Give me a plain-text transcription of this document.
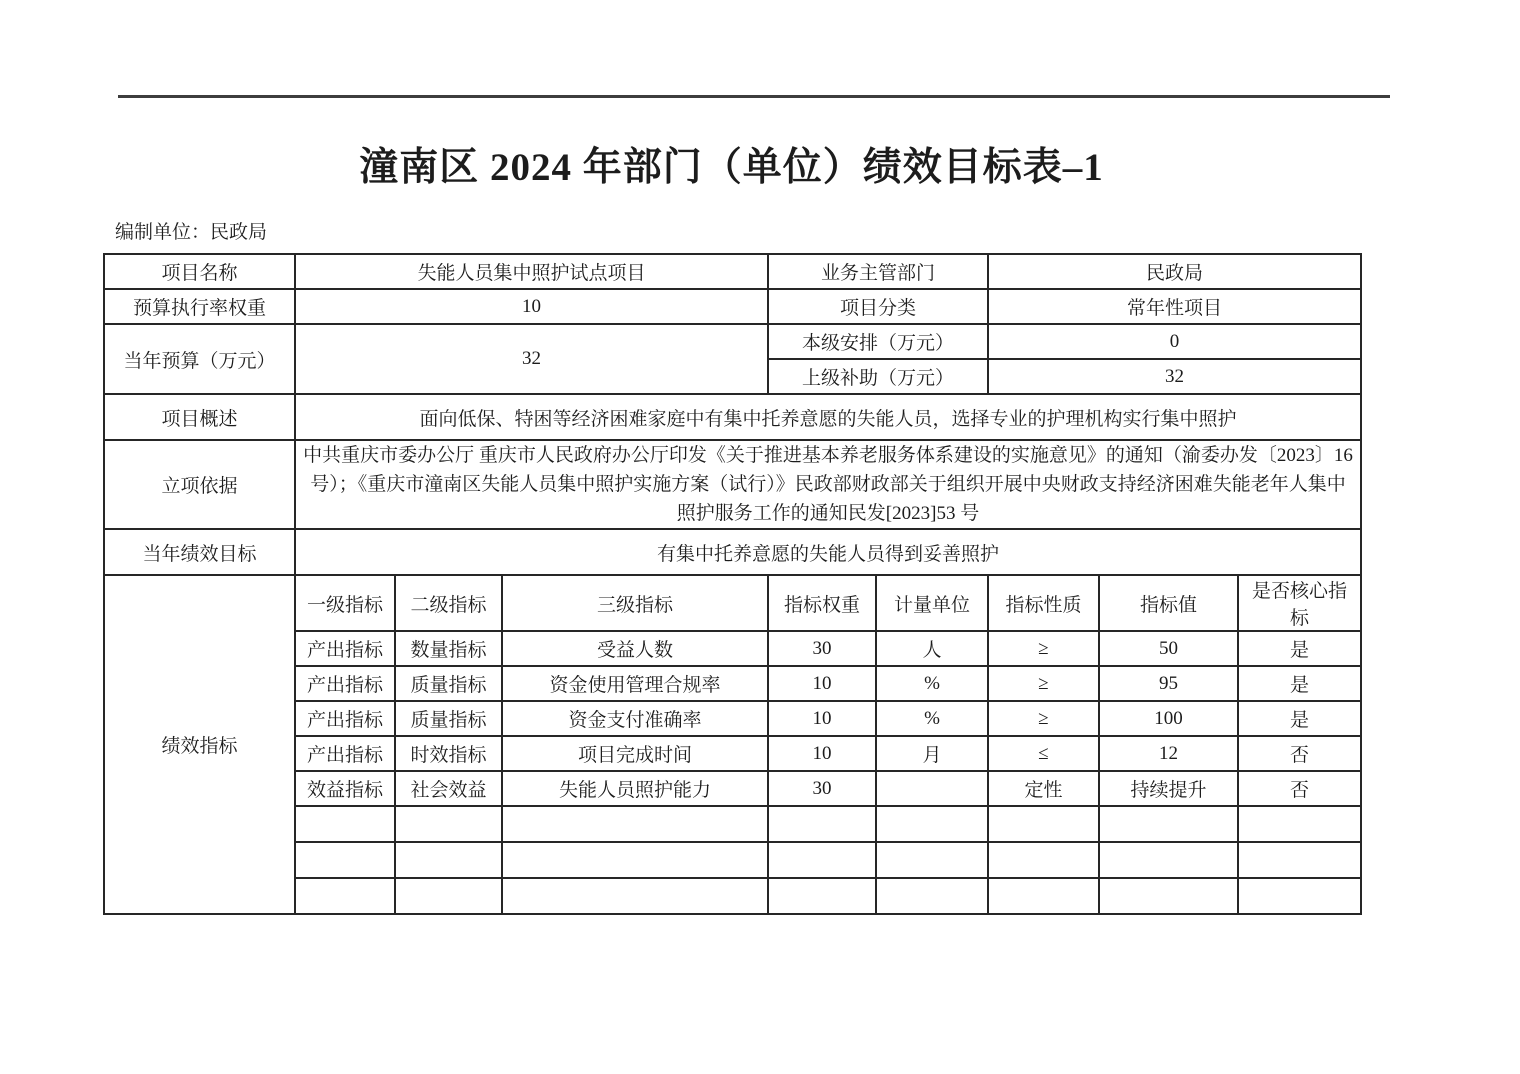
潼南区 2024 年部门（单位）绩效目标表–1
编制单位：民政局
项目名称	失能人员集中照护试点项目			业务主管部门		民政局		
预算执行率权重	10			项目分类		常年性项目		
当年预算（万元）	32			本级安排（万元）		0		
				上级补助（万元）		32		
项目概述	面向低保、特困等经济困难家庭中有集中托养意愿的失能人员，选择专业的护理机构实行集中照护							
立项依据	中共重庆市委办公厅 重庆市人民政府办公厅印发《关于推进基本养老服务体系建设的实施意见》的通知（渝委办发〔2023〕16 号）；《重庆市潼南区失能人员集中照护实施方案（试行）》民政部财政部关于组织开展中央财政支持经济困难失能老年人集中照护服务工作的通知民发[2023]53 号							
当年绩效目标	有集中托养意愿的失能人员得到妥善照护							
绩效指标	一级指标	二级指标	三级指标	指标权重	计量单位	指标性质	指标值	是否核心指标
	产出指标	数量指标	受益人数	30	人	≥	50	是
	产出指标	质量指标	资金使用管理合规率	10	%	≥	95	是
	产出指标	质量指标	资金支付准确率	10	%	≥	100	是
	产出指标	时效指标	项目完成时间	10	月	≤	12	否
	效益指标	社会效益	失能人员照护能力	30		定性	持续提升	否
